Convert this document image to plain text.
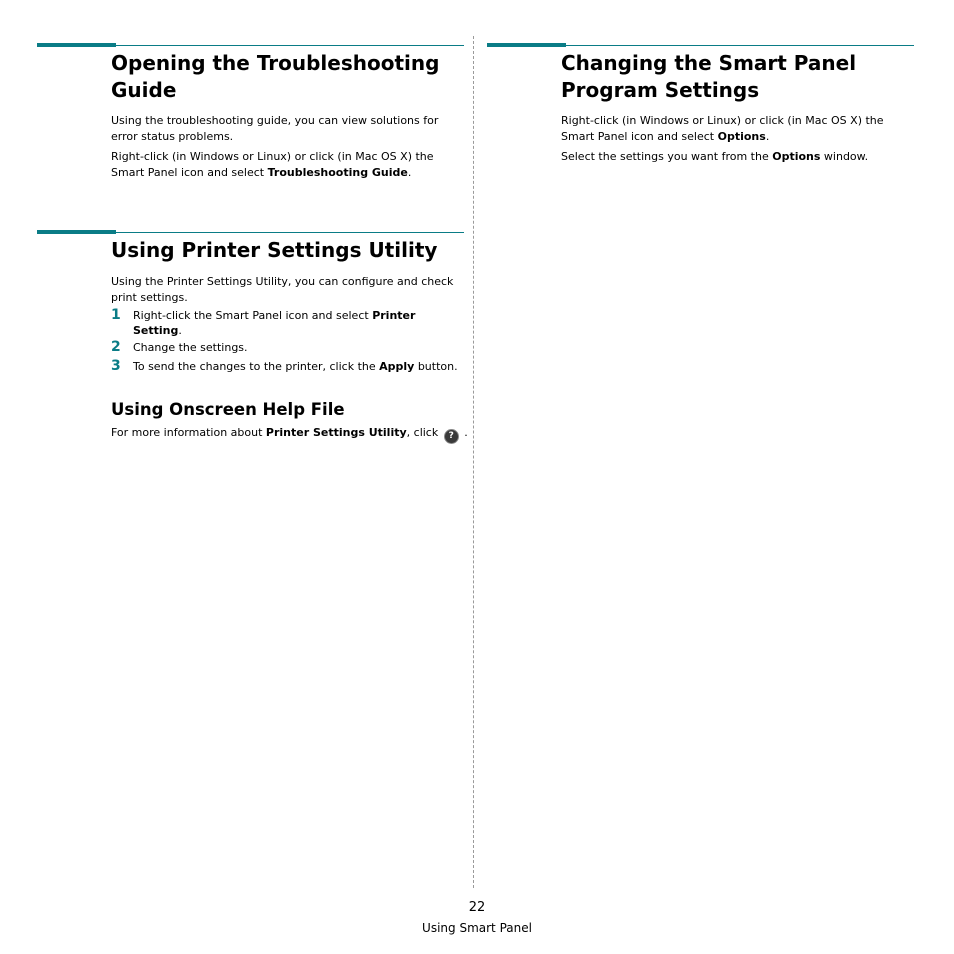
Opening the Troubleshooting
Guide

Using the troubleshooting guide, you can view solutions for error status problems.

Right-click (in Windows or Linux) or click (in Mac OS X) the Smart Panel icon and select Troubleshooting Guide.

Using Printer Settings Utility

Using the Printer Settings Utility, you can configure and check print settings.

1 Right-click the Smart Panel icon and select Printer Setting.

2 Change the settings.

3 To send the changes to the printer, click the Apply button.

Using Onscreen Help File

For more information about Printer Settings Utility, click ? .

Changing the Smart Panel
Program Settings

Right-click (in Windows or Linux) or click (in Mac OS X) the Smart Panel icon and select Options.

Select the settings you want from the Options window.

22

Using Smart Panel
